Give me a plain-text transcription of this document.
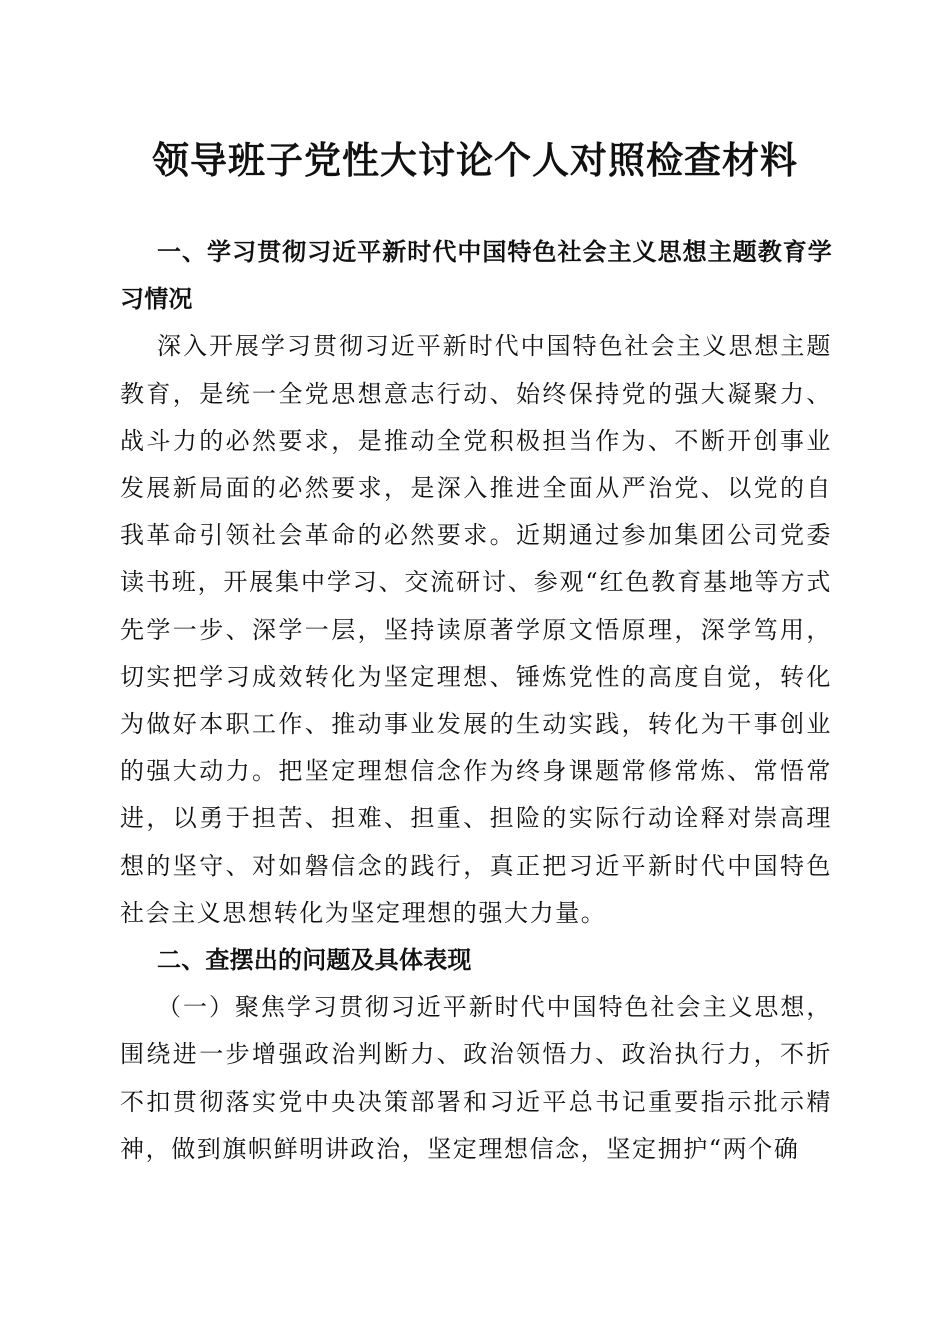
领导班子党性大讨论个人对照检查材料

一、学习贯彻习近平新时代中国特色社会主义思想主题教育学习情况

深入开展学习贯彻习近平新时代中国特色社会主义思想主题教育，是统一全党思想意志行动、始终保持党的强大凝聚力、战斗力的必然要求，是推动全党积极担当作为、不断开创事业发展新局面的必然要求，是深入推进全面从严治党、以党的自我革命引领社会革命的必然要求。近期通过参加集团公司党委读书班，开展集中学习、交流研讨、参观“红色教育基地等方式先学一步、深学一层，坚持读原著学原文悟原理，深学笃用，切实把学习成效转化为坚定理想、锤炼党性的高度自觉，转化为做好本职工作、推动事业发展的生动实践，转化为干事创业的强大动力。把坚定理想信念作为终身课题常修常炼、常悟常进，以勇于担苦、担难、担重、担险的实际行动诠释对崇高理想的坚守、对如磐信念的践行，真正把习近平新时代中国特色社会主义思想转化为坚定理想的强大力量。

二、查摆出的问题及具体表现

（一）聚焦学习贯彻习近平新时代中国特色社会主义思想，围绕进一步增强政治判断力、政治领悟力、政治执行力，不折不扣贯彻落实党中央决策部署和习近平总书记重要指示批示精神，做到旗帜鲜明讲政治，坚定理想信念，坚定拥护“两个确
